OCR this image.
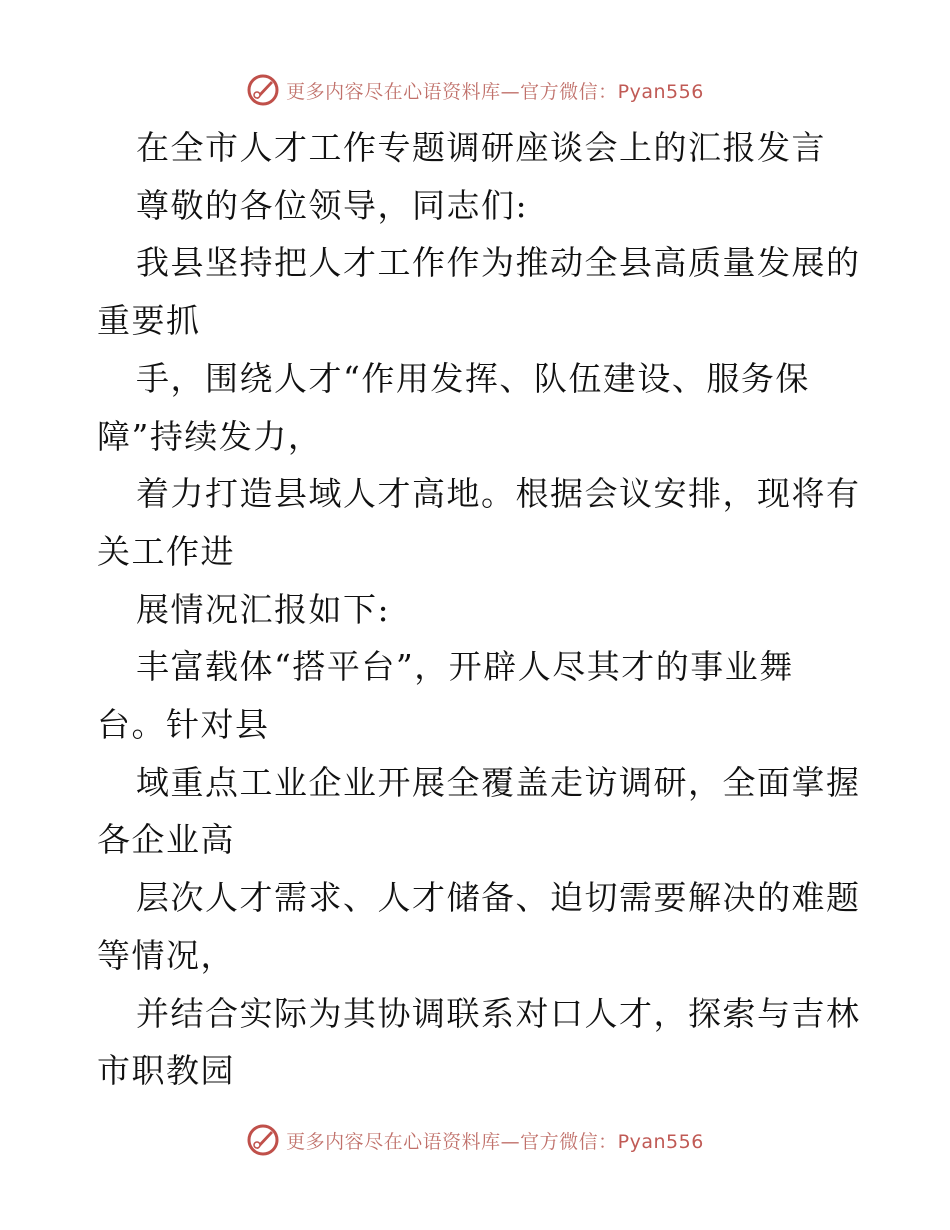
更多内容尽在心语资料库—官方微信：Pyan556
在全市人才工作专题调研座谈会上的汇报发言
尊敬的各位领导，同志们:
我县坚持把人才工作作为推动全县高质量发展的
重要抓
手，围绕人才“作用发挥、队伍建设、服务保
障”持续发力，
着力打造县域人才高地。根据会议安排，现将有
关工作进
展情况汇报如下:
丰富载体“搭平台”，开辟人尽其才的事业舞
台。针对县
域重点工业企业开展全覆盖走访调研，全面掌握
各企业高
层次人才需求、人才储备、迫切需要解决的难题
等情况，
并结合实际为其协调联系对口人才，探索与吉林
市职教园
更多内容尽在心语资料库—官方微信：Pyan556
